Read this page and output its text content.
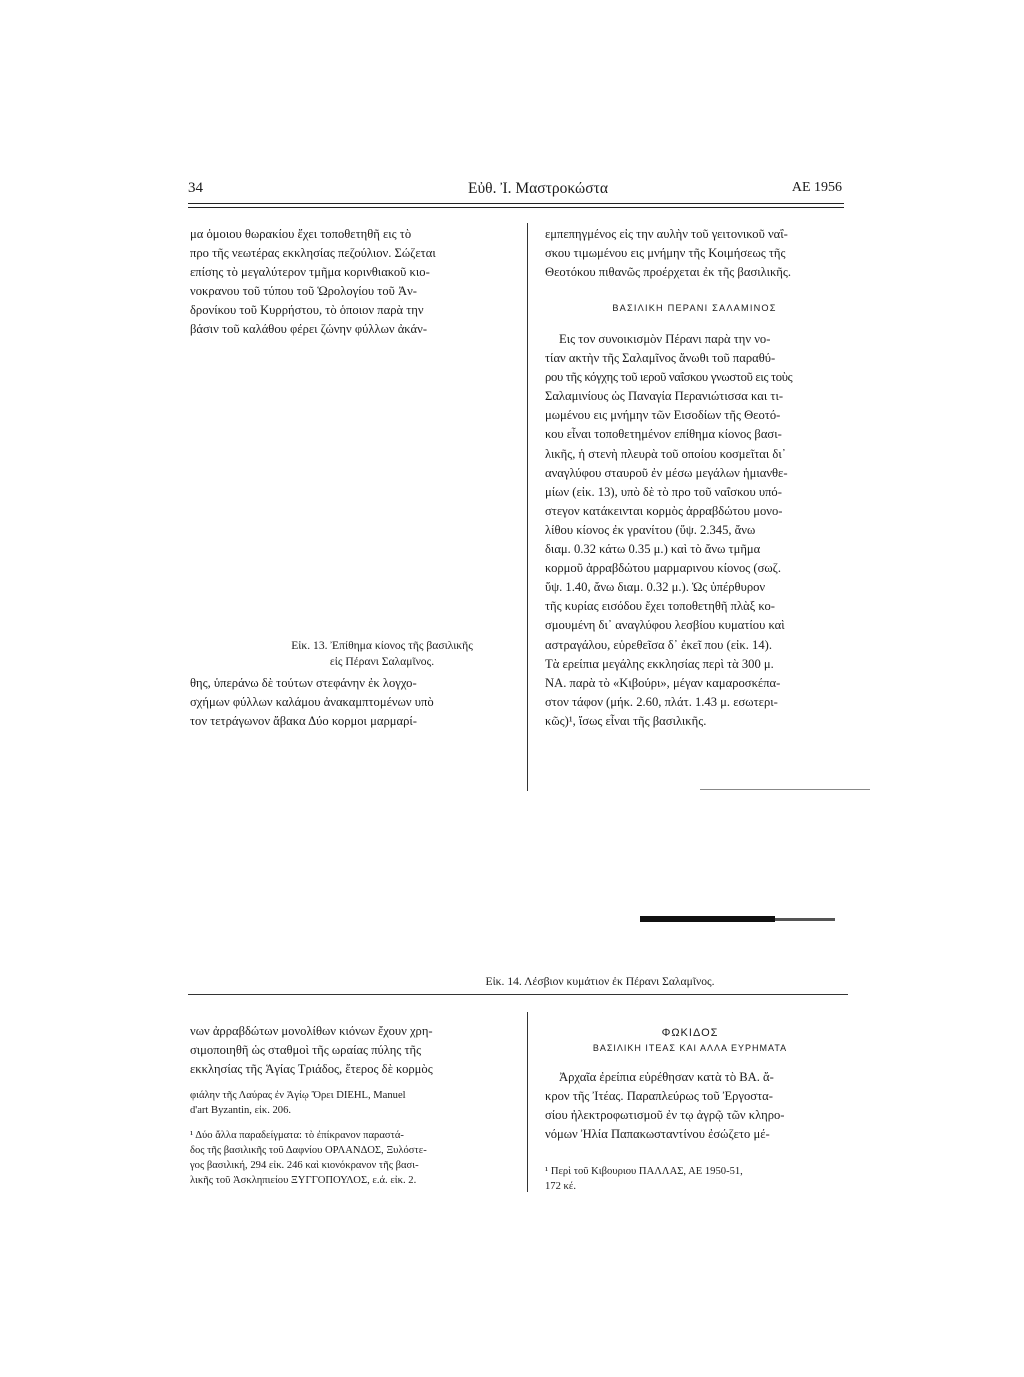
34	Εὐθ. Ἰ. Μαστροκώστα	ΑΕ 1956
μα ὁμοιου θωρακίου ἔχει τοποθετηθῆ εις τὸ
προ τῆς νεωτέρας εκκλησίας πεζούλιον. Σώζεται
επίσης τὸ μεγαλύτερον τμῆμα κορινθιακοῦ κιο-
νοκρανου τοῦ τύπου τοῦ Ὡρολογίου τοῦ Ἀν-
δρονίκου τοῦ Κυρρήστου, τὸ ὁποιον παρὰ την
βάσιν τοῦ καλάθου φέρει ζώνην φύλλων ἀκάν-
Εἰκ. 13. Ἐπίθημα κίονος τῆς βασιλικῆς
εἰς Πέρανι Σαλαμῖνος.
θης, ὑπεράνω δὲ τούτων στεφάνην ἐκ λογχο-
σχήμων φύλλων καλάμου ἀνακαμπτομένων υπὸ
τον τετράγωνον ἄβακα Δύο κορμοι μαρμαρί-
εμπεπηγμένος εἰς την αυλὴν τοῦ γειτονικοῦ ναΐ-
σκου τιμωμένου εις μνήμην τῆς Κοιμήσεως τῆς
Θεοτόκου πιθανῶς προέρχεται ἐκ τῆς βασιλικῆς.
ΒΑΣΙΛΙΚΗ ΠΕΡΑΝΙ ΣΑΛΑΜΙΝΟΣ
Εις τον συνοικισμὸν Πέρανι παρὰ την νο-
τίαν ακτὴν τῆς Σαλαμῖνος ἄνωθι τοῦ παραθύ-
ρου τῆς κόγχης τοῦ ιεροῦ ναΐσκου γνωστοῦ εις τοὺς
Σαλαμινίους ὡς Παναγία Περανιώτισσα και τι-
μωμένου εις μνήμην τῶν Εισοδίων τῆς Θεοτό-
κου εἶναι τοποθετημένον επίθημα κίονος βασι-
λικῆς, ἡ στενὴ πλευρὰ τοῦ οποίου κοσμεῖται δι᾿
αναγλύφου σταυροῦ ἐν μέσω μεγάλων ἡμιανθε-
μίων (εἰκ. 13), υπὸ δὲ τὸ προ τοῦ ναΐσκου υπό-
στεγον κατάκεινται κορμὸς ἀρραβδώτου μονο-
λίθου κίονος ἐκ γρανίτου (ὕψ. 2.345, ἄνω
διαμ. 0.32 κάτω 0.35 μ.) καὶ τὸ ἄνω τμῆμα
κορμοῦ ἀρραβδώτου μαρμαρινου κίονος (σωζ.
ὕψ. 1.40, ἄνω διαμ. 0.32 μ.). Ὡς ὑπέρθυρον
τῆς κυρίας εισόδου ἔχει τοποθετηθῆ πλὰξ κο-
σμουμένη δι᾿ αναγλύφου λεσβίου κυματίου καὶ
αστραγάλου, εὑρεθεῖσα δ᾿ ἐκεῖ που (εἰκ. 14).
Τὰ ερείπια μεγάλης εκκλησίας περὶ τὰ 300 μ.
ΝΑ. παρὰ τὸ «Κιβούρι», μέγαν καμαροσκέπα-
στον τάφον (μήκ. 2.60, πλάτ. 1.43 μ. εσωτερι-
κῶς)¹, ἴσως εἶναι τῆς βασιλικῆς.
Εἰκ. 14. Λέσβιον κυμάτιον ἐκ Πέρανι Σαλαμῖνος.
νων ἀρραβδώτων μονολίθων κιόνων ἔχουν χρη-
σιμοποιηθῆ ὡς σταθμοὶ τῆς ωραίας πύλης τῆς
εκκλησίας τῆς Ἁγίας Τριάδος, ἕτερος δὲ κορμὸς

φιάλην τῆς Λαύρας ἐν Ἁγίῳ Ὄρει DIEHL, Manuel
d'art Byzantin, εἰκ. 206.

¹ Δύο ἄλλα παραδείγματα: τὸ ἐπίκρανον παραστά-
δος τῆς βασιλικῆς τοῦ Δαφνίου ΟΡΛΑΝΔΟΣ, Ξυλόστε-
γος βασιλική, 294 εἰκ. 246 καὶ κιονόκρανον τῆς βασι-
λικῆς τοῦ Ἀσκληπιείου ΞΥΓΓΟΠΟΥΛΟΣ, ε.ά. εἰκ. 2.

ΦΩΚΙΔΟΣ
ΒΑΣΙΛΙΚΗ ΙΤΕΑΣ ΚΑΙ ΑΛΛΑ ΕΥΡΗΜΑΤΑ
Ἀρχαῖα ἐρείπια εὑρέθησαν κατὰ τὸ ΒΑ. ἄ-
κρον τῆς Ἰτέας. Παραπλεύρως τοῦ Ἐργοστα-
σίου ἠλεκτροφωτισμοῦ ἐν τῳ ἀγρῷ τῶν κληρο-
νόμων Ἠλία Παπακωσταντίνου ἐσώζετο μέ-
¹ Περὶ τοῦ Κιβουριου ΠΑΛΛΑΣ, ΑΕ 1950-51,
172 κέ.
